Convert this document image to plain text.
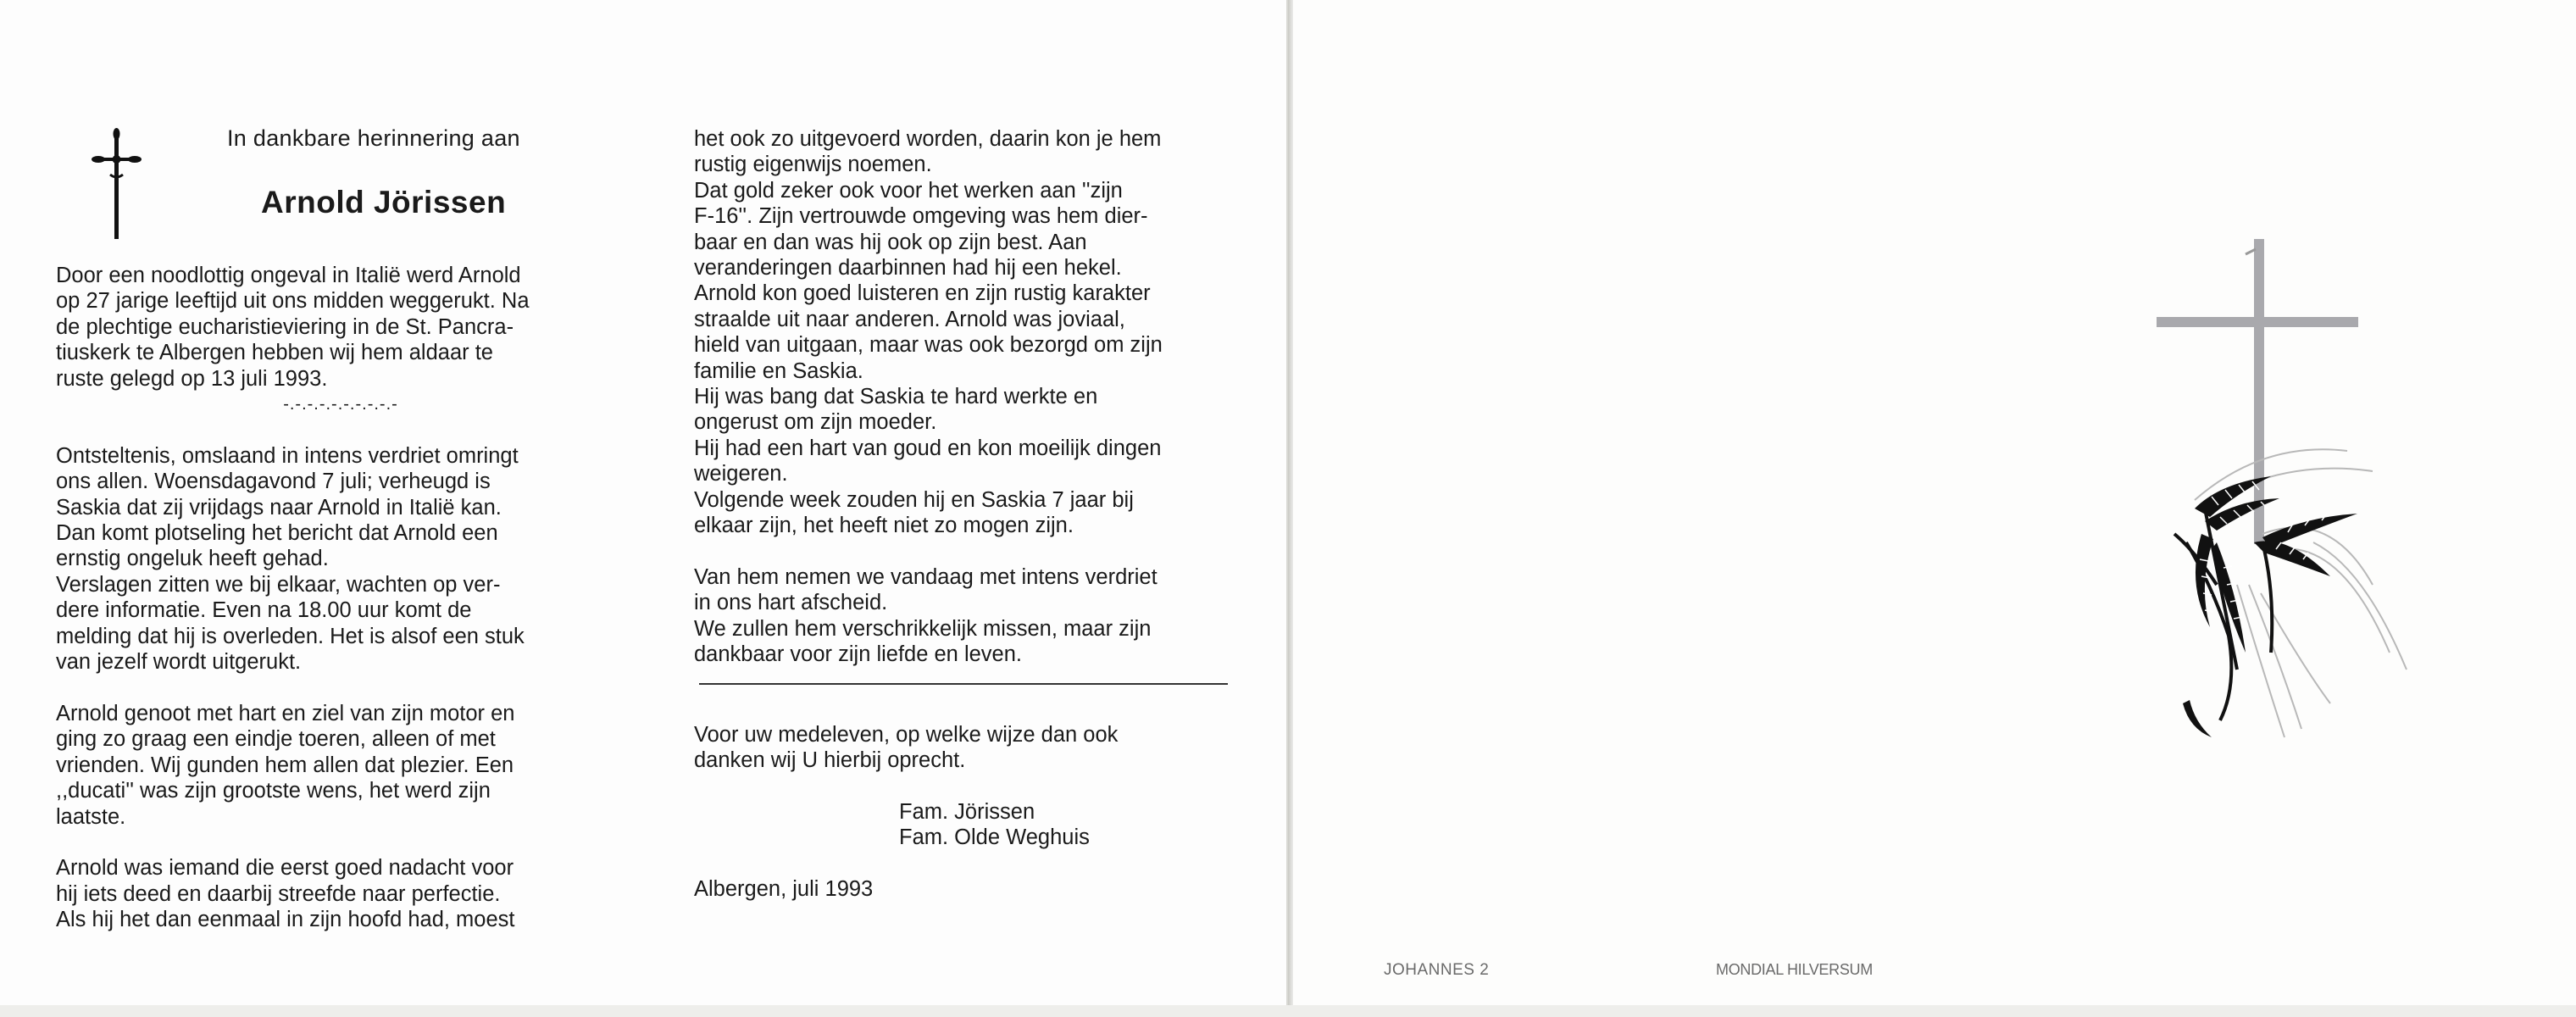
In dankbare herinnering aan
Arnold Jörissen
Door een noodlottig ongeval in Italië werd Arnold
op 27 jarige leeftijd uit ons midden weggerukt. Na
de plechtige eucharistieviering in de St. Pancra-
tiuskerk te Albergen hebben wij hem aldaar te
ruste gelegd op 13 juli 1993.
-.-.-.-.-.-.-.-.-.-
Ontsteltenis, omslaand in intens verdriet omringt
ons allen. Woensdagavond 7 juli; verheugd is
Saskia dat zij vrijdags naar Arnold in Italië kan.
Dan komt plotseling het bericht dat Arnold een
ernstig ongeluk heeft gehad.
Verslagen zitten we bij elkaar, wachten op ver-
dere informatie. Even na 18.00 uur komt de
melding dat hij is overleden. Het is alsof een stuk
van jezelf wordt uitgerukt.
Arnold genoot met hart en ziel van zijn motor en
ging zo graag een eindje toeren, alleen of met
vrienden. Wij gunden hem allen dat plezier. Een
,,ducati'' was zijn grootste wens, het werd zijn
laatste.
Arnold was iemand die eerst goed nadacht voor
hij iets deed en daarbij streefde naar perfectie.
Als hij het dan eenmaal in zijn hoofd had, moest
het ook zo uitgevoerd worden, daarin kon je hem
rustig eigenwijs noemen.
Dat gold zeker ook voor het werken aan ''zijn
F-16''. Zijn vertrouwde omgeving was hem dier-
baar en dan was hij ook op zijn best. Aan
veranderingen daarbinnen had hij een hekel.
Arnold kon goed luisteren en zijn rustig karakter
straalde uit naar anderen. Arnold was joviaal,
hield van uitgaan, maar was ook bezorgd om zijn
familie en Saskia.
Hij was bang dat Saskia te hard werkte en
ongerust om zijn moeder.
Hij had een hart van goud en kon moeilijk dingen
weigeren.
Volgende week zouden hij en Saskia 7 jaar bij
elkaar zijn, het heeft niet zo mogen zijn.
Van hem nemen we vandaag met intens verdriet
in ons hart afscheid.
We zullen hem verschrikkelijk missen, maar zijn
dankbaar voor zijn liefde en leven.
Voor uw medeleven, op welke wijze dan ook
danken wij U hierbij oprecht.
Fam. Jörissen
Fam. Olde Weghuis
Albergen, juli 1993
JOHANNES 2	MONDIAL HILVERSUM
